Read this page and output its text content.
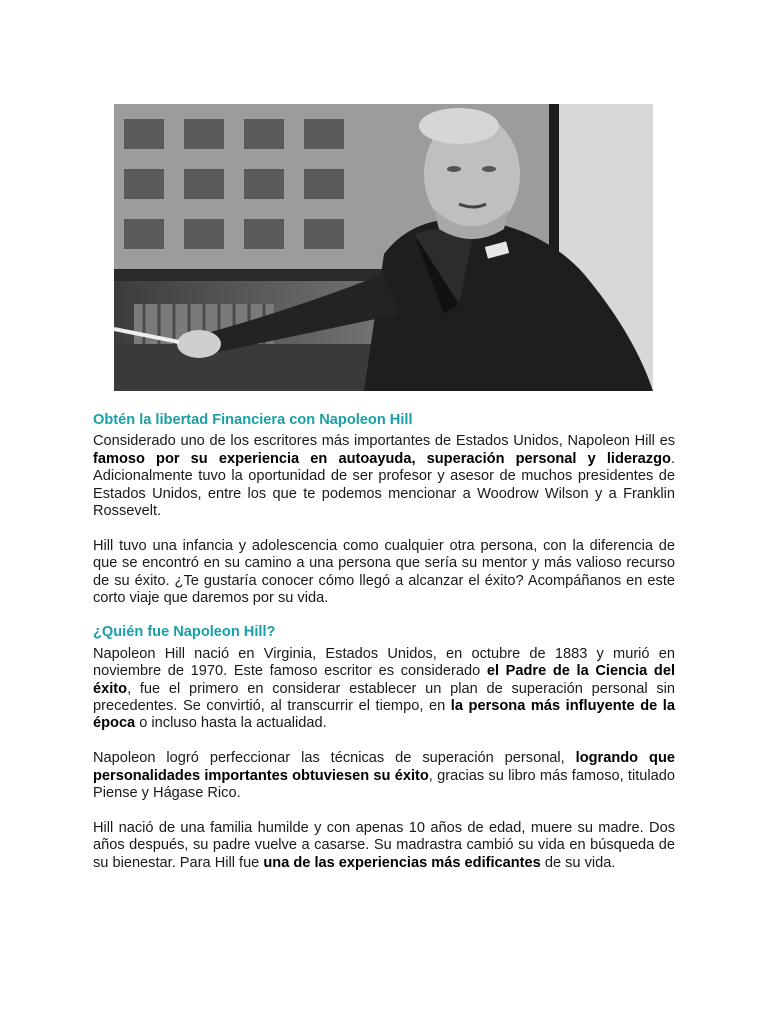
Obtén la libertad Financiera con Napoleon Hill

Considerado uno de los escritores más importantes de Estados Unidos, Napoleon Hill es famoso por su experiencia en autoayuda, superación personal y liderazgo. Adicionalmente tuvo la oportunidad de ser profesor y asesor de muchos presidentes de Estados Unidos, entre los que te podemos mencionar a Woodrow Wilson y a Franklin Rossevelt.

Hill tuvo una infancia y adolescencia como cualquier otra persona, con la diferencia de que se encontró en su camino a una persona que sería su mentor y más valioso recurso de su éxito. ¿Te gustaría conocer cómo llegó a alcanzar el éxito? Acompáñanos en este corto viaje que daremos por su vida.

¿Quién fue Napoleon Hill?

Napoleon Hill nació en Virginia, Estados Unidos, en octubre de 1883 y murió en noviembre de 1970. Este famoso escritor es considerado el Padre de la Ciencia del éxito, fue el primero en considerar establecer un plan de superación personal sin precedentes. Se convirtió, al transcurrir el tiempo, en la persona más influyente de la época o incluso hasta la actualidad.

Napoleon logró perfeccionar las técnicas de superación personal, logrando que personalidades importantes obtuviesen su éxito, gracias su libro más famoso, titulado Piense y Hágase Rico.

Hill nació de una familia humilde y con apenas 10 años de edad, muere su madre. Dos años después, su padre vuelve a casarse. Su madrastra cambió su vida en búsqueda de su bienestar. Para Hill fue una de las experiencias más edificantes de su vida.
